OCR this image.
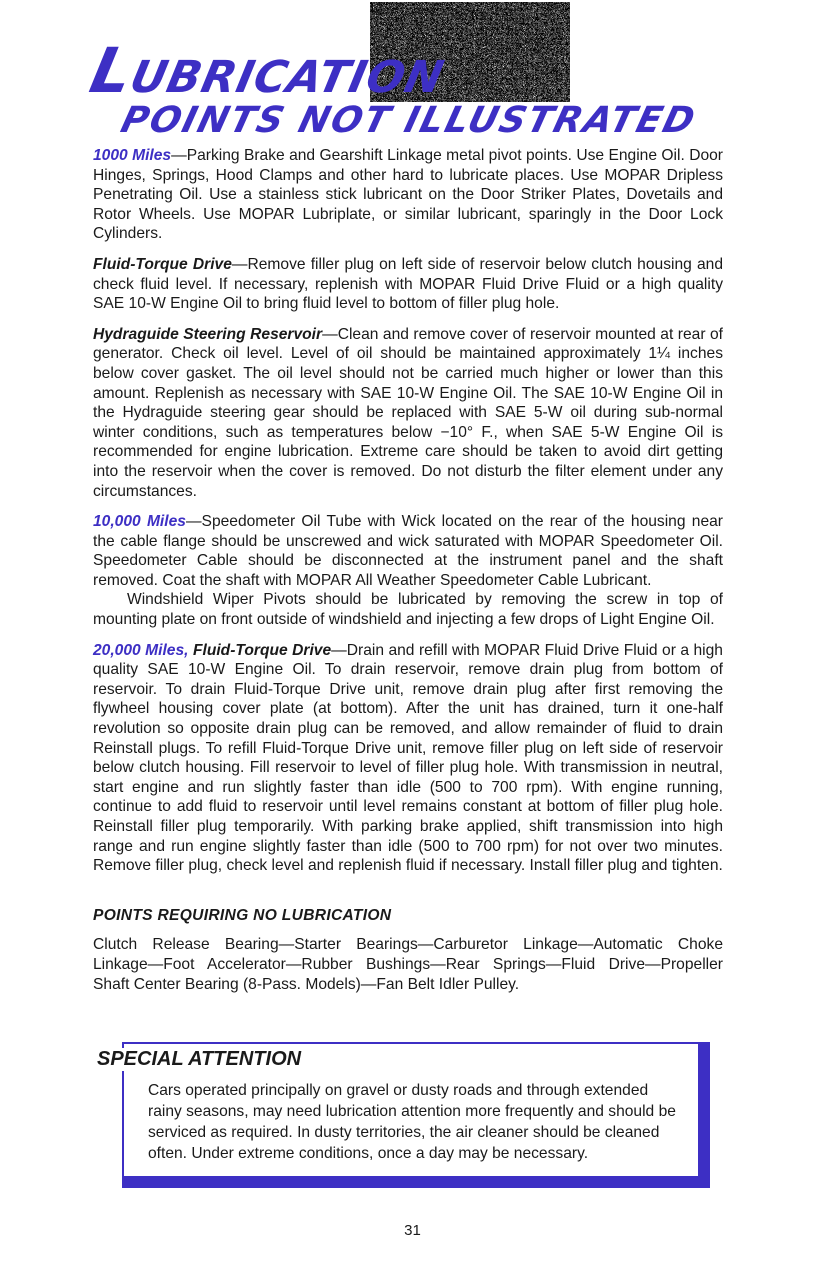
LUBRICATION
POINTS NOT ILLUSTRATED

1000 Miles—Parking Brake and Gearshift Linkage metal pivot points. Use Engine Oil. Door Hinges, Springs, Hood Clamps and other hard to lubricate places. Use MOPAR Dripless Penetrating Oil. Use a stainless stick lubricant on the Door Striker Plates, Dovetails and Rotor Wheels. Use MOPAR Lubriplate, or similar lubricant, sparingly in the Door Lock Cylinders.

Fluid-Torque Drive—Remove filler plug on left side of reservoir below clutch housing and check fluid level. If necessary, replenish with MOPAR Fluid Drive Fluid or a high quality SAE 10-W Engine Oil to bring fluid level to bottom of filler plug hole.

Hydraguide Steering Reservoir—Clean and remove cover of reservoir mounted at rear of generator. Check oil level. Level of oil should be maintained approximately 1¼ inches below cover gasket. The oil level should not be carried much higher or lower than this amount. Replenish as necessary with SAE 10-W Engine Oil. The SAE 10-W Engine Oil in the Hydraguide steering gear should be replaced with SAE 5-W oil during sub-normal winter conditions, such as temperatures below −10° F., when SAE 5-W Engine Oil is recommended for engine lubrication. Extreme care should be taken to avoid dirt getting into the reservoir when the cover is removed. Do not disturb the filter element under any circumstances.

10,000 Miles—Speedometer Oil Tube with Wick located on the rear of the housing near the cable flange should be unscrewed and wick saturated with MOPAR Speedometer Oil. Speedometer Cable should be disconnected at the instrument panel and the shaft removed. Coat the shaft with MOPAR All Weather Speedometer Cable Lubricant.

Windshield Wiper Pivots should be lubricated by removing the screw in top of mounting plate on front outside of windshield and injecting a few drops of Light Engine Oil.

20,000 Miles, Fluid-Torque Drive—Drain and refill with MOPAR Fluid Drive Fluid or a high quality SAE 10-W Engine Oil. To drain reservoir, remove drain plug from bottom of reservoir. To drain Fluid-Torque Drive unit, remove drain plug after first removing the flywheel housing cover plate (at bottom). After the unit has drained, turn it one-half revolution so opposite drain plug can be removed, and allow remainder of fluid to drain Reinstall plugs. To refill Fluid-Torque Drive unit, remove filler plug on left side of reservoir below clutch housing. Fill reservoir to level of filler plug hole. With transmission in neutral, start engine and run slightly faster than idle (500 to 700 rpm). With engine running, continue to add fluid to reservoir until level remains constant at bottom of filler plug hole. Reinstall filler plug temporarily. With parking brake applied, shift transmission into high range and run engine slightly faster than idle (500 to 700 rpm) for not over two minutes. Remove filler plug, check level and replenish fluid if necessary. Install filler plug and tighten.

POINTS REQUIRING NO LUBRICATION

Clutch Release Bearing—Starter Bearings—Carburetor Linkage—Automatic Choke Linkage—Foot Accelerator—Rubber Bushings—Rear Springs—Fluid Drive—Propeller Shaft Center Bearing (8-Pass. Models)—Fan Belt Idler Pulley.

SPECIAL ATTENTION

Cars operated principally on gravel or dusty roads and through extended rainy seasons, may need lubrication attention more frequently and should be serviced as required. In dusty territories, the air cleaner should be cleaned often. Under extreme conditions, once a day may be necessary.

31
